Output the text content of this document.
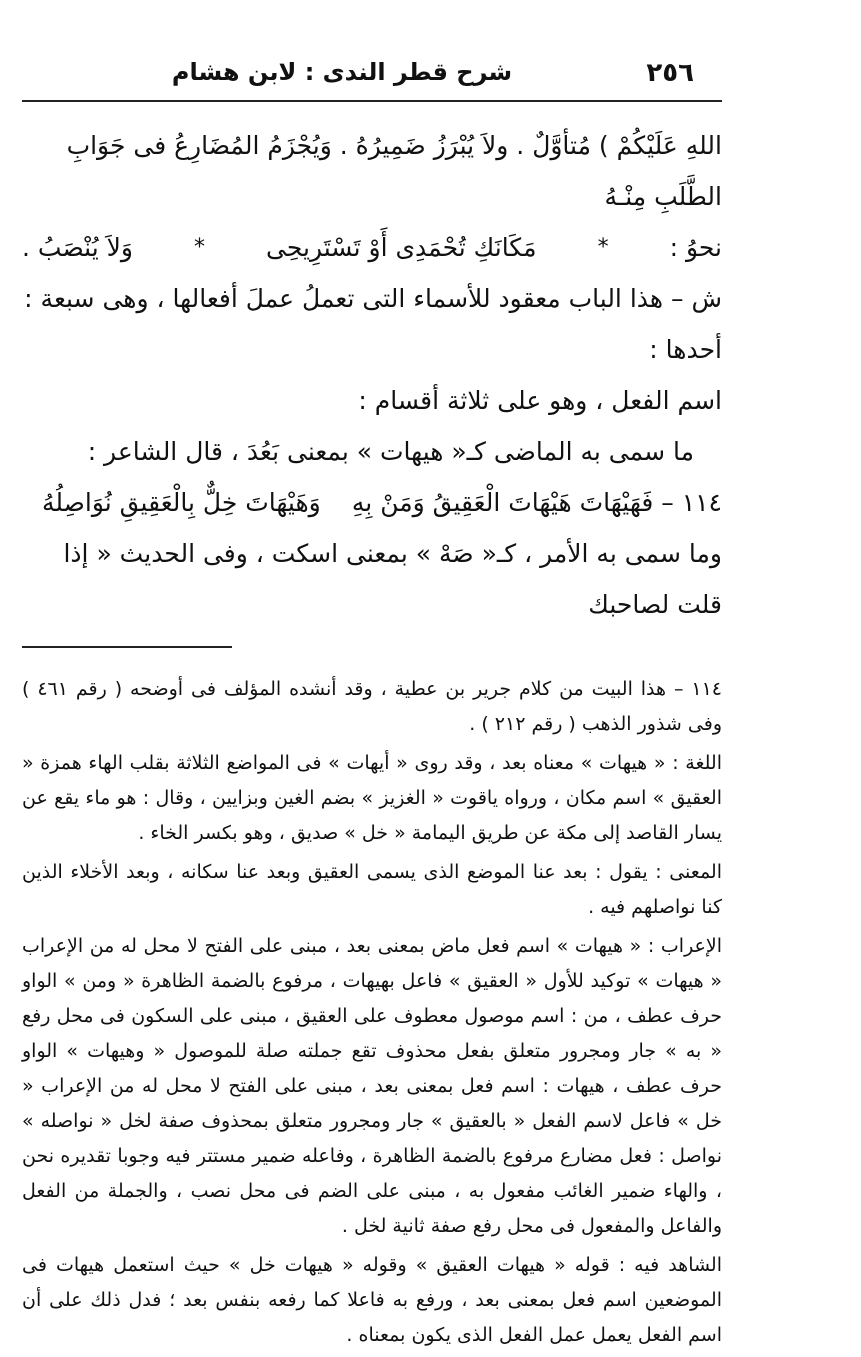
٢٥٦
شرح قطر الندى : لابن هشام

اللهِ عَلَيْكُمْ ) مُتأوَّلٌ . ولاَ يُبْرَزُ ضَمِيرُهُ . وَيُجْزَمُ المُضَارِعُ فى جَوَابِ الطَّلَبِ مِنْـهُ

نحوُ :
*
مَكَانَكِ تُحْمَدِى أَوْ تَسْتَرِيحِى
*
وَلاَ يُنْصَبُ .

ش – هذا الباب معقود للأسماء التى تعملُ عملَ أفعالها ، وهى سبعة : أحدها :

اسم الفعل ، وهو على ثلاثة أقسام :

ما سمى به الماضى كـ« هيهات » بمعنى بَعُدَ ، قال الشاعر :

١١٤ – فَهَيْهَاتَ هَيْهَاتَ الْعَقِيقُ وَمَنْ بِهِ
وَهَيْهَاتَ خِلٌّ بِالْعَقِيقِ نُوَاصِلُهُ

وما سمى به الأمر ، كـ« صَهْ » بمعنى اسكت ، وفى الحديث « إذا قلت لصاحبك

١١٤ – هذا البيت من كلام جرير بن عطية ، وقد أنشده المؤلف فى أوضحه ( رقم ٤٦١ ) وفى شذور الذهب ( رقم ٢١٢ ) .

اللغة : « هيهات » معناه بعد ، وقد روى « أيهات » فى المواضع الثلاثة بقلب الهاء همزة « العقيق » اسم مكان ، ورواه ياقوت « الغزيز » بضم الغين وبزايين ، وقال : هو ماء يقع عن يسار القاصد إلى مكة عن طريق اليمامة « خل » صديق ، وهو بكسر الخاء .

المعنى : يقول : بعد عنا الموضع الذى يسمى العقيق وبعد عنا سكانه ، وبعد الأخلاء الذين كنا نواصلهم فيه .

الإعراب : « هيهات » اسم فعل ماض بمعنى بعد ، مبنى على الفتح لا محل له من الإعراب « هيهات » توكيد للأول « العقيق » فاعل بهيهات ، مرفوع بالضمة الظاهرة « ومن » الواو حرف عطف ، من : اسم موصول معطوف على العقيق ، مبنى على السكون فى محل رفع « به » جار ومجرور متعلق بفعل محذوف تقع جملته صلة للموصول « وهيهات » الواو حرف عطف ، هيهات : اسم فعل بمعنى بعد ، مبنى على الفتح لا محل له من الإعراب « خل » فاعل لاسم الفعل « بالعقيق » جار ومجرور متعلق بمحذوف صفة لخل « نواصله » نواصل : فعل مضارع مرفوع بالضمة الظاهرة ، وفاعله ضمير مستتر فيه وجوبا تقديره نحن ، والهاء ضمير الغائب مفعول به ، مبنى على الضم فى محل نصب ، والجملة من الفعل والفاعل والمفعول فى محل رفع صفة ثانية لخل .

الشاهد فيه : قوله « هيهات العقيق » وقوله « هيهات خل » حيث استعمل هيهات فى الموضعين اسم فعل بمعنى بعد ، ورفع به فاعلا كما رفعه بنفس بعد ؛ فدل ذلك على أن اسم الفعل يعمل عمل الفعل الذى يكون بمعناه .
